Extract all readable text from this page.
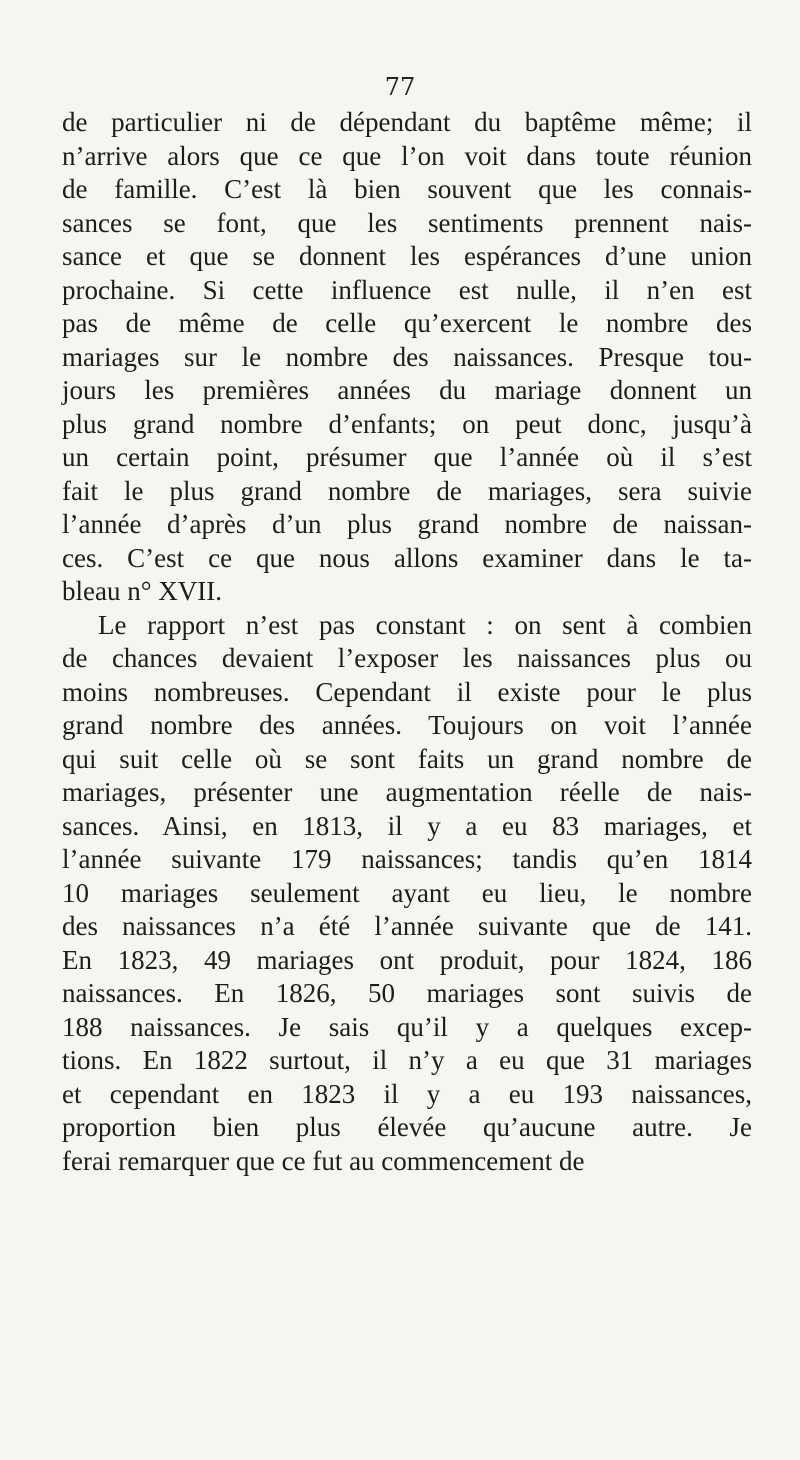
77
de particulier ni de dépendant du baptême même; il
n’arrive alors que ce que l’on voit dans toute réunion
de famille. C’est là bien souvent que les connais-
sances se font, que les sentiments prennent nais-
sance et que se donnent les espérances d’une union
prochaine. Si cette influence est nulle, il n’en est
pas de même de celle qu’exercent le nombre des
mariages sur le nombre des naissances. Presque tou-
jours les premières années du mariage donnent un
plus grand nombre d’enfants; on peut donc, jusqu’à
un certain point, présumer que l’année où il s’est
fait le plus grand nombre de mariages, sera suivie
l’année d’après d’un plus grand nombre de naissan-
ces. C’est ce que nous allons examiner dans le ta-
bleau n° XVII.
Le rapport n’est pas constant : on sent à combien
de chances devaient l’exposer les naissances plus ou
moins nombreuses. Cependant il existe pour le plus
grand nombre des années. Toujours on voit l’année
qui suit celle où se sont faits un grand nombre de
mariages, présenter une augmentation réelle de nais-
sances. Ainsi, en 1813, il y a eu 83 mariages, et
l’année suivante 179 naissances; tandis qu’en 1814
10 mariages seulement ayant eu lieu, le nombre
des naissances n’a été l’année suivante que de 141.
En 1823, 49 mariages ont produit, pour 1824, 186
naissances. En 1826, 50 mariages sont suivis de
188 naissances. Je sais qu’il y a quelques excep-
tions. En 1822 surtout, il n’y a eu que 31 mariages
et cependant en 1823 il y a eu 193 naissances,
proportion bien plus élevée qu’aucune autre. Je
ferai remarquer que ce fut au commencement de
